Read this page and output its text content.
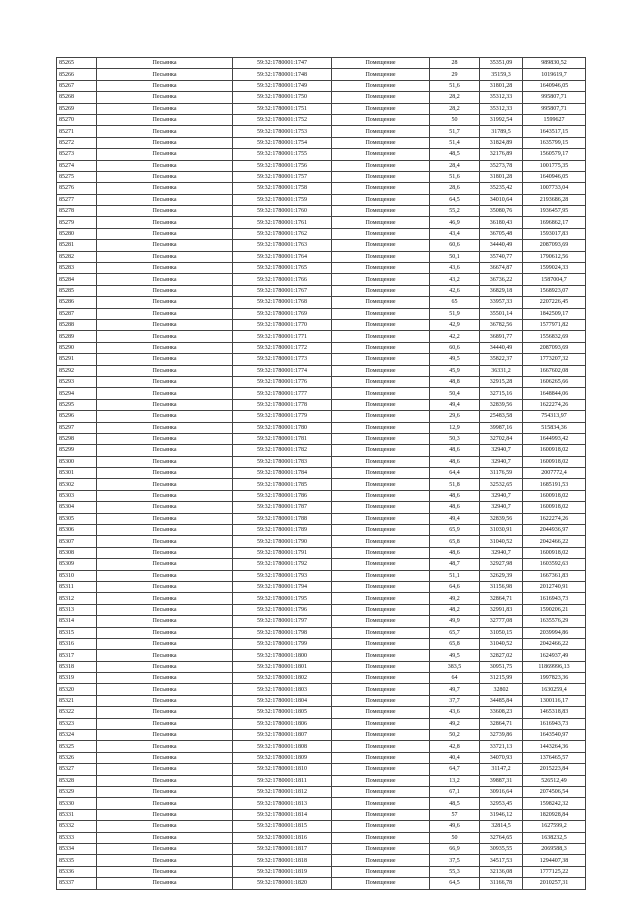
85265	Песьянка	59:32:1780001:1747	Помещение	28	35351,09	989830,52
85266	Песьянка	59:32:1780001:1748	Помещение	29	35159,3	1019619,7
85267	Песьянка	59:32:1780001:1749	Помещение	51,6	31801,28	1640946,05
85268	Песьянка	59:32:1780001:1750	Помещение	28,2	35312,33	995807,71
85269	Песьянка	59:32:1780001:1751	Помещение	28,2	35312,33	995807,71
85270	Песьянка	59:32:1780001:1752	Помещение	50	31992,54	1599627
85271	Песьянка	59:32:1780001:1753	Помещение	51,7	31789,5	1643517,15
85272	Песьянка	59:32:1780001:1754	Помещение	51,4	31824,89	1635799,15
85273	Песьянка	59:32:1780001:1755	Помещение	48,5	32176,89	1560579,17
85274	Песьянка	59:32:1780001:1756	Помещение	28,4	35273,78	1001775,35
85275	Песьянка	59:32:1780001:1757	Помещение	51,6	31801,28	1640946,05
85276	Песьянка	59:32:1780001:1758	Помещение	28,6	35235,42	1007733,04
85277	Песьянка	59:32:1780001:1759	Помещение	64,5	34010,64	2193686,28
85278	Песьянка	59:32:1780001:1760	Помещение	55,2	35080,76	1936457,95
85279	Песьянка	59:32:1780001:1761	Помещение	46,9	36180,43	1696862,17
85280	Песьянка	59:32:1780001:1762	Помещение	43,4	36705,48	1593017,83
85281	Песьянка	59:32:1780001:1763	Помещение	60,6	34440,49	2087093,69
85282	Песьянка	59:32:1780001:1764	Помещение	50,1	35740,77	1790612,56
85283	Песьянка	59:32:1780001:1765	Помещение	43,6	36674,87	1599024,33
85284	Песьянка	59:32:1780001:1766	Помещение	43,2	36736,22	1587004,7
85285	Песьянка	59:32:1780001:1767	Помещение	42,6	36829,18	1568923,07
85286	Песьянка	59:32:1780001:1768	Помещение	65	33957,33	2207226,45
85287	Песьянка	59:32:1780001:1769	Помещение	51,9	35501,14	1842509,17
85288	Песьянка	59:32:1780001:1770	Помещение	42,9	36782,56	1577971,82
85289	Песьянка	59:32:1780001:1771	Помещение	42,2	36891,77	1556832,69
85290	Песьянка	59:32:1780001:1772	Помещение	60,6	34440,49	2087093,69
85291	Песьянка	59:32:1780001:1773	Помещение	49,5	35822,37	1773207,32
85292	Песьянка	59:32:1780001:1774	Помещение	45,9	36331,2	1667602,08
85293	Песьянка	59:32:1780001:1776	Помещение	48,8	32915,28	1606265,66
85294	Песьянка	59:32:1780001:1777	Помещение	50,4	32715,16	1648844,06
85295	Песьянка	59:32:1780001:1778	Помещение	49,4	32839,56	1622274,26
85296	Песьянка	59:32:1780001:1779	Помещение	29,6	25483,58	754313,97
85297	Песьянка	59:32:1780001:1780	Помещение	12,9	39987,16	515834,36
85298	Песьянка	59:32:1780001:1781	Помещение	50,3	32702,84	1644993,42
85299	Песьянка	59:32:1780001:1782	Помещение	48,6	32940,7	1600918,02
85300	Песьянка	59:32:1780001:1783	Помещение	48,6	32940,7	1600918,02
85301	Песьянка	59:32:1780001:1784	Помещение	64,4	31176,59	2007772,4
85302	Песьянка	59:32:1780001:1785	Помещение	51,8	32532,65	1685191,53
85303	Песьянка	59:32:1780001:1786	Помещение	48,6	32940,7	1600918,02
85304	Песьянка	59:32:1780001:1787	Помещение	48,6	32940,7	1600918,02
85305	Песьянка	59:32:1780001:1788	Помещение	49,4	32839,56	1622274,26
85306	Песьянка	59:32:1780001:1789	Помещение	65,9	31030,91	2044936,97
85307	Песьянка	59:32:1780001:1790	Помещение	65,8	31040,52	2042466,22
85308	Песьянка	59:32:1780001:1791	Помещение	48,6	32940,7	1600918,02
85309	Песьянка	59:32:1780001:1792	Помещение	48,7	32927,98	1603592,63
85310	Песьянка	59:32:1780001:1793	Помещение	51,1	32629,39	1667361,83
85311	Песьянка	59:32:1780001:1794	Помещение	64,6	31156,98	2012740,91
85312	Песьянка	59:32:1780001:1795	Помещение	49,2	32864,71	1616943,73
85313	Песьянка	59:32:1780001:1796	Помещение	48,2	32991,83	1590206,21
85314	Песьянка	59:32:1780001:1797	Помещение	49,9	32777,08	1635576,29
85315	Песьянка	59:32:1780001:1798	Помещение	65,7	31050,15	2039994,86
85316	Песьянка	59:32:1780001:1799	Помещение	65,8	31040,52	2042466,22
85317	Песьянка	59:32:1780001:1800	Помещение	49,5	32827,02	1624937,49
85318	Песьянка	59:32:1780001:1801	Помещение	383,5	30951,75	11869996,13
85319	Песьянка	59:32:1780001:1802	Помещение	64	31215,99	1997823,36
85320	Песьянка	59:32:1780001:1803	Помещение	49,7	32802	1630259,4
85321	Песьянка	59:32:1780001:1804	Помещение	37,7	34485,84	1300116,17
85322	Песьянка	59:32:1780001:1805	Помещение	43,6	33608,23	1465318,83
85323	Песьянка	59:32:1780001:1806	Помещение	49,2	32864,71	1616943,73
85324	Песьянка	59:32:1780001:1807	Помещение	50,2	32739,86	1643540,97
85325	Песьянка	59:32:1780001:1808	Помещение	42,8	33721,13	1443264,36
85326	Песьянка	59:32:1780001:1809	Помещение	40,4	34070,93	1376465,57
85327	Песьянка	59:32:1780001:1810	Помещение	64,7	31147,2	2015223,84
85328	Песьянка	59:32:1780001:1811	Помещение	13,2	39887,31	526512,49
85329	Песьянка	59:32:1780001:1812	Помещение	67,1	30916,64	2074506,54
85330	Песьянка	59:32:1780001:1813	Помещение	48,5	32953,45	1598242,32
85331	Песьянка	59:32:1780001:1814	Помещение	57	31946,12	1820928,84
85332	Песьянка	59:32:1780001:1815	Помещение	49,6	32814,5	1627599,2
85333	Песьянка	59:32:1780001:1816	Помещение	50	32764,65	1638232,5
85334	Песьянка	59:32:1780001:1817	Помещение	66,9	30935,55	2069588,3
85335	Песьянка	59:32:1780001:1818	Помещение	37,5	34517,53	1294407,38
85336	Песьянка	59:32:1780001:1819	Помещение	55,3	32136,08	1777125,22
85337	Песьянка	59:32:1780001:1820	Помещение	64,5	31166,78	2010257,31
